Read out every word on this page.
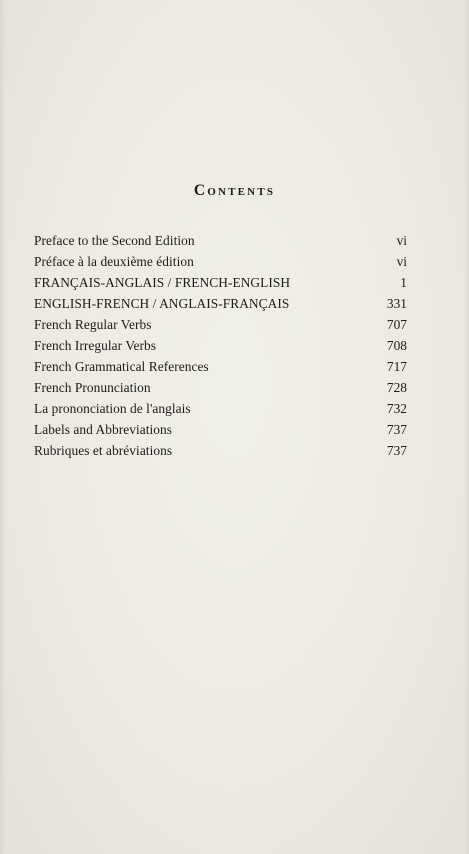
Contents
Preface to the Second Edition	vi
Préface à la deuxième édition	vi
FRANÇAIS-ANGLAIS / FRENCH-ENGLISH	1
ENGLISH-FRENCH / ANGLAIS-FRANÇAIS	331
French Regular Verbs	707
French Irregular Verbs	708
French Grammatical References	717
French Pronunciation	728
La prononciation de l'anglais	732
Labels and Abbreviations	737
Rubriques et abréviations	737
